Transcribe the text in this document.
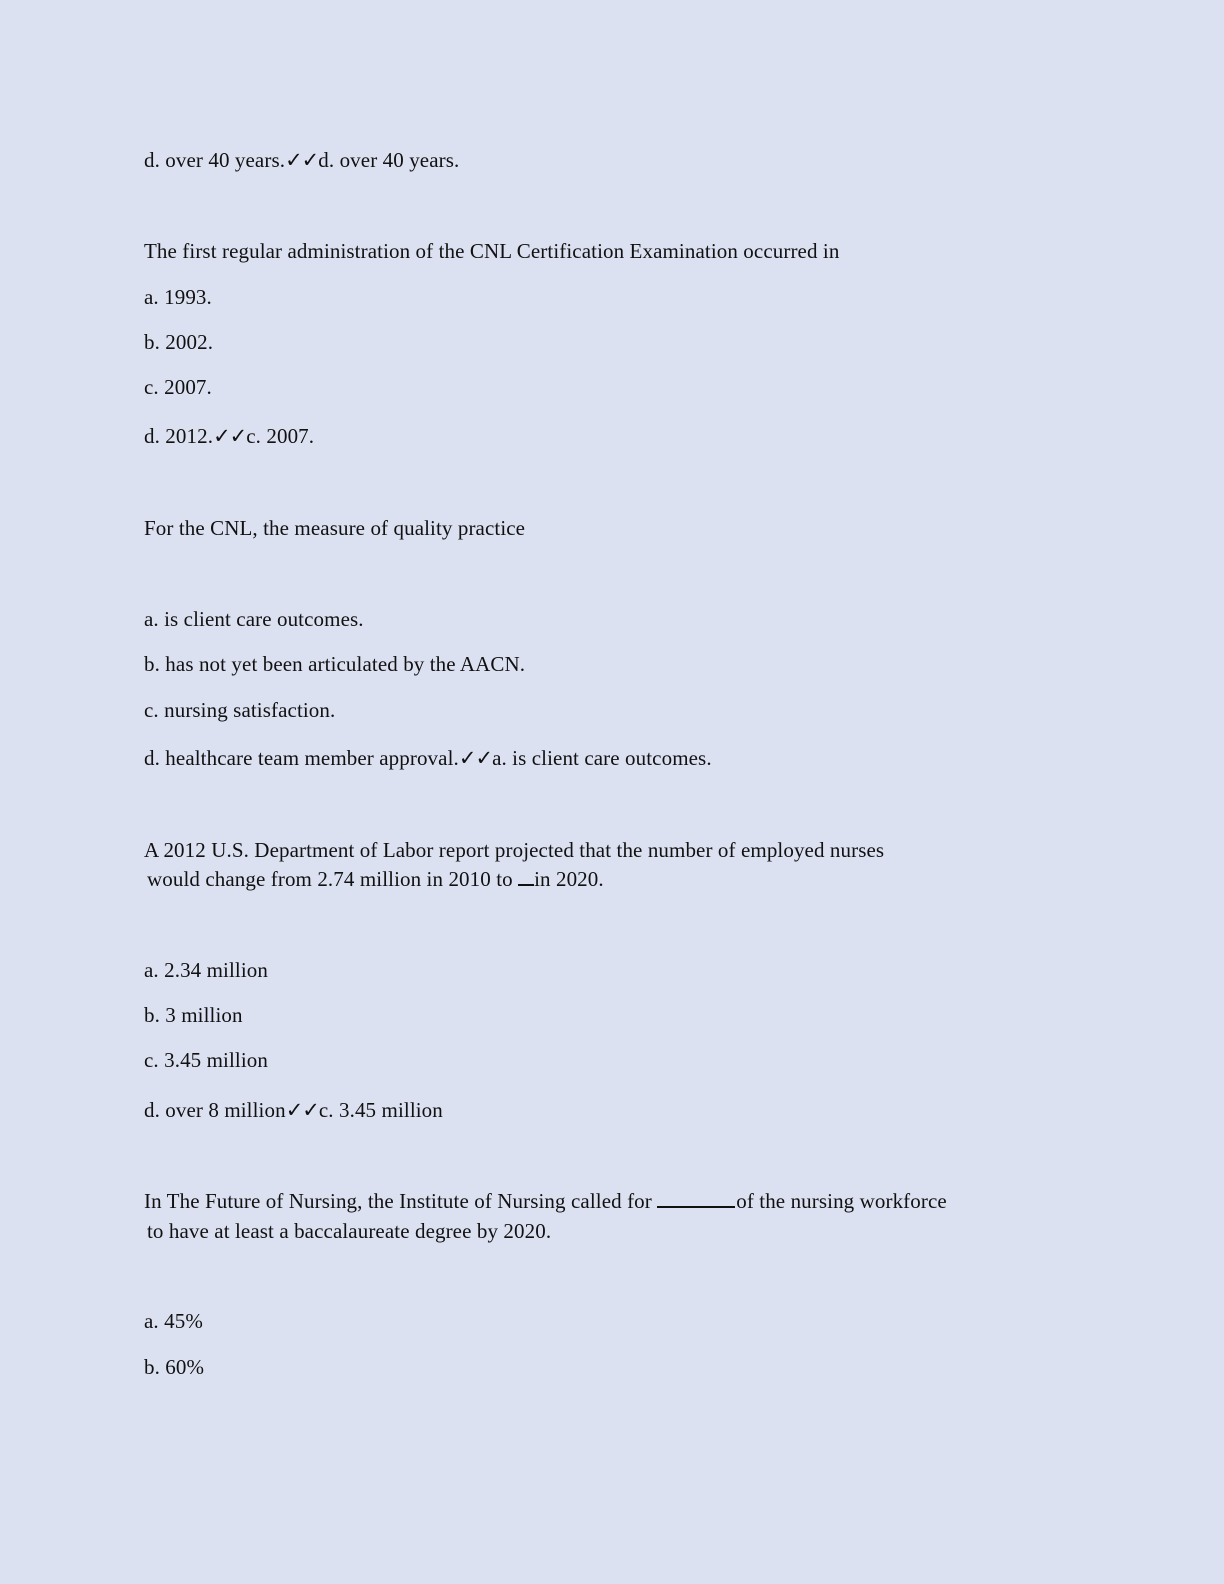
d. over 40 years.✓✓d. over 40 years.
The first regular administration of the CNL Certification Examination occurred in
a. 1993.
b. 2002.
c. 2007.
d. 2012.✓✓c. 2007.
For the CNL, the measure of quality practice
a. is client care outcomes.
b. has not yet been articulated by the AACN.
c. nursing satisfaction.
d. healthcare team member approval.✓✓a. is client care outcomes.
A 2012 U.S. Department of Labor report projected that the number of employed nurses
would change from 2.74 million in 2010 to in 2020.
a. 2.34 million
b. 3 million
c. 3.45 million
d. over 8 million✓✓c. 3.45 million
In The Future of Nursing, the Institute of Nursing called for	of the nursing workforce
to have at least a baccalaureate degree by 2020.
a. 45%
b. 60%
